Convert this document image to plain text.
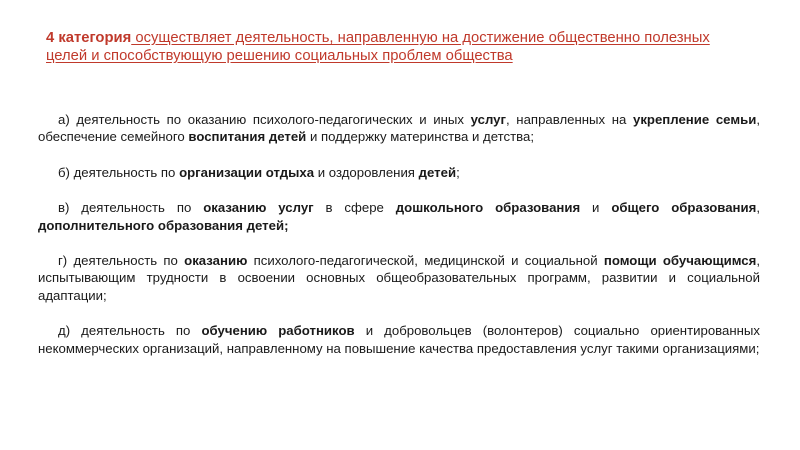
4 категория осуществляет деятельность, направленную на достижение общественно полезных целей и способствующую решению социальных проблем общества

а) деятельность по оказанию психолого-педагогических и иных услуг, направленных на укрепление семьи, обеспечение семейного воспитания детей и поддержку материнства и детства;

б) деятельность по организации отдыха и оздоровления детей;

в) деятельность по оказанию услуг в сфере дошкольного образования и общего образования, дополнительного образования детей;

г) деятельность по оказанию психолого-педагогической, медицинской и социальной помощи обучающимся, испытывающим трудности в освоении основных общеобразовательных программ, развитии и социальной адаптации;

д) деятельность по обучению работников и добровольцев (волонтеров) социально ориентированных некоммерческих организаций, направленному на повышение качества предоставления услуг такими организациями;
